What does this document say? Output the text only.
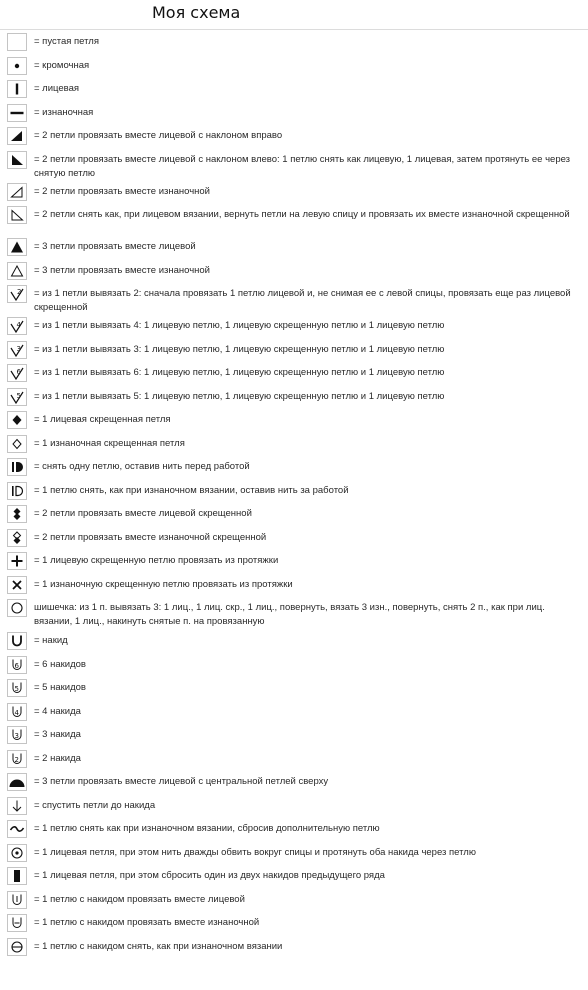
Моя схема
= пустая петля
= кромочная
= лицевая
= изнаночная
= 2 петли провязать вместе лицевой с наклоном вправо
= 2 петли провязать вместе лицевой с наклоном влево: 1 петлю снять как лицевую, 1 лицевая, затем протянуть ее через снятую петлю
= 2 петли провязать вместе изнаночной
= 2 петли снять как, при лицевом вязании, вернуть петли на левую спицу и провязать их вместе изнаночной скрещенной
= 3 петли провязать вместе лицевой
= 3 петли провязать вместе изнаночной
2 = из 1 петли вывязать 2: сначала провязать 1 петлю лицевой и, не снимая ее с левой спицы, провязать еще раз лицевой скрещенной
4 = из 1 петли вывязать 4: 1 лицевую петлю, 1 лицевую скрещенную петлю и 1 лицевую петлю
3 = из 1 петли вывязать 3: 1 лицевую петлю, 1 лицевую скрещенную петлю и 1 лицевую петлю
6 = из 1 петли вывязать 6: 1 лицевую петлю, 1 лицевую скрещенную петлю и 1 лицевую петлю
5 = из 1 петли вывязать 5: 1 лицевую петлю, 1 лицевую скрещенную петлю и 1 лицевую петлю
= 1 лицевая скрещенная петля
= 1 изнаночная скрещенная петля
= снять одну петлю, оставив нить перед работой
= 1 петлю снять, как при изнаночном вязании, оставив нить за работой
= 2 петли провязать вместе лицевой скрещенной
= 2 петли провязать вместе изнаночной скрещенной
= 1 лицевую скрещенную петлю провязать из протяжки
= 1 изнаночную скрещенную петлю провязать из протяжки
шишечка: из 1 п. вывязать 3: 1 лиц., 1 лиц. скр., 1 лиц., повернуть, вязать 3 изн., повернуть, снять 2 п., как при лиц. вязании, 1 лиц., накинуть снятые п. на провязанную
= накид
6 = 6 накидов
5 = 5 накидов
4 = 4 накида
3 = 3 накида
2 = 2 накида
= 3 петли провязать вместе лицевой с центральной петлей сверху
= спустить петли до накида
= 1 петлю снять как при изнаночном вязании, сбросив дополнительную петлю
= 1 лицевая петля, при этом нить дважды обвить вокруг спицы и протянуть оба накида через петлю
= 1 лицевая петля, при этом сбросить один из двух накидов предыдущего ряда
= 1 петлю с накидом провязать вместе лицевой
= 1 петлю с накидом провязать вместе изнаночной
= 1 петлю с накидом снять, как при изнаночном вязании
